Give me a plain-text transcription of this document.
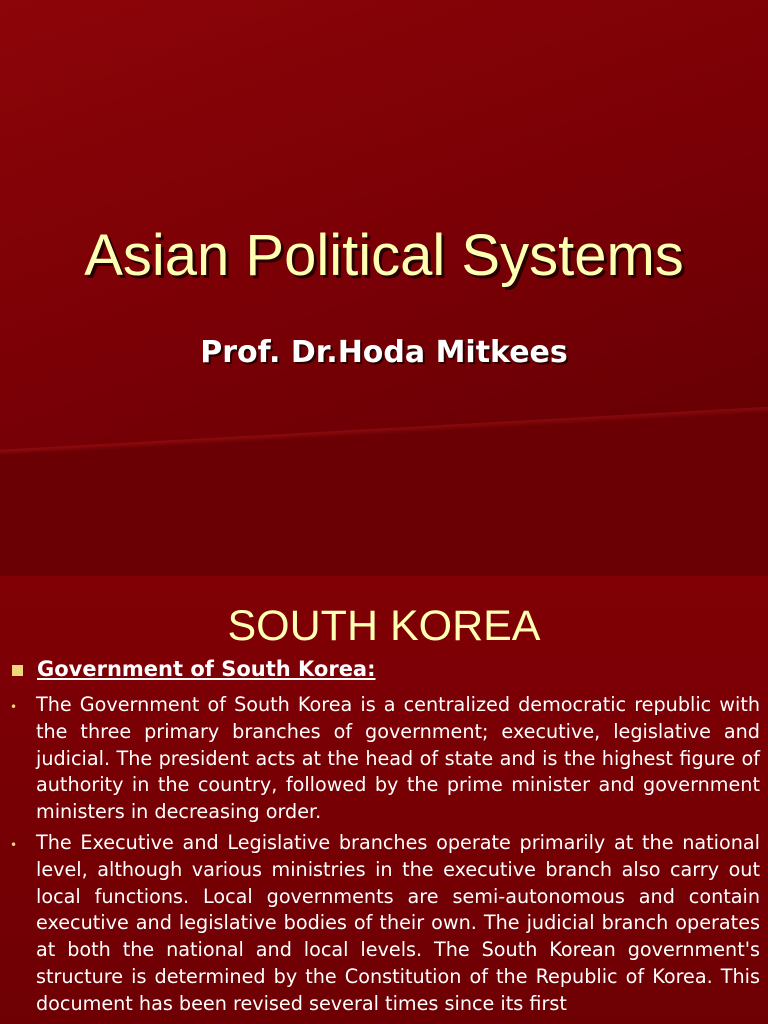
Asian Political Systems
Prof. Dr.Hoda Mitkees
SOUTH KOREA
Government of South Korea:
• The Government of South Korea is a centralized democratic republic with the three primary branches of government; executive, legislative and judicial. The president acts at the head of state and is the highest figure of authority in the country, followed by the prime minister and government ministers in decreasing order.
• The Executive and Legislative branches operate primarily at the national level, although various ministries in the executive branch also carry out local functions. Local governments are semi-autonomous and contain executive and legislative bodies of their own. The judicial branch operates at both the national and local levels. The South Korean government's structure is determined by the Constitution of the Republic of Korea. This document has been revised several times since its first
